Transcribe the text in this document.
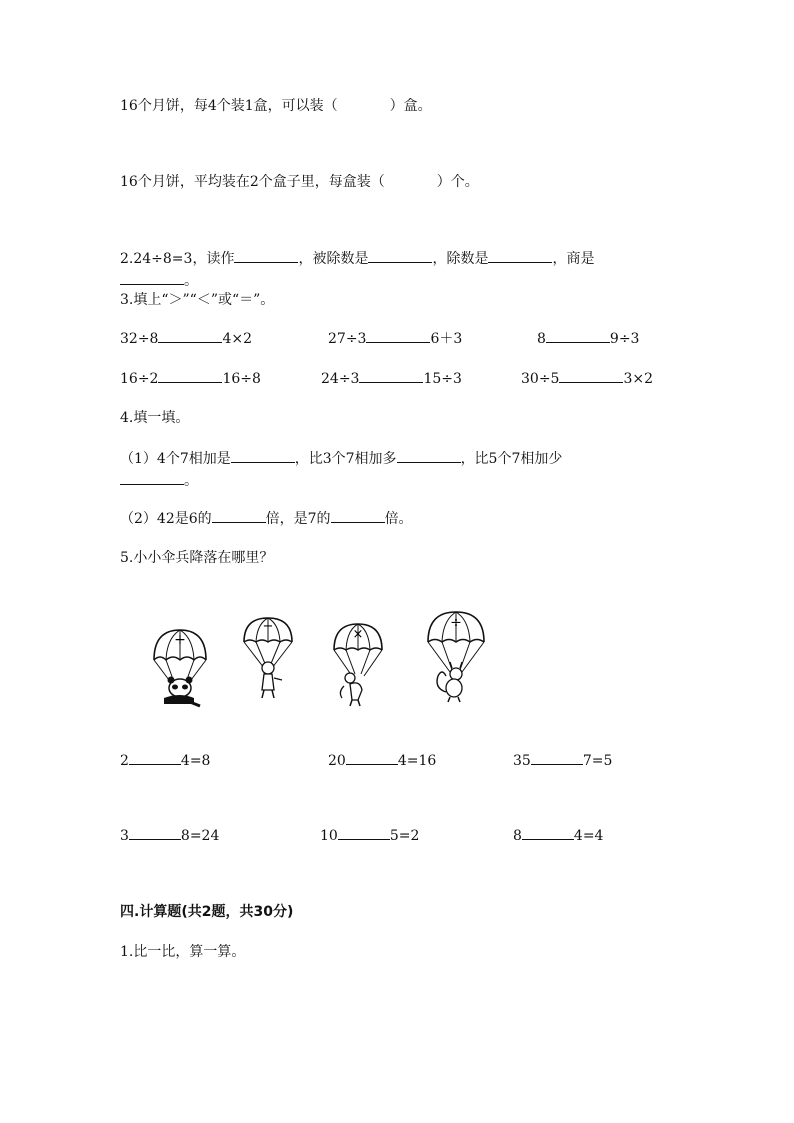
16个月饼，每4个装1盒，可以装（	）盒。
16个月饼，平均装在2个盒子里，每盒装（	）个。
2.24÷8=3，读作	，被除数是	，除数是	，商是
。
3.填上“＞”“＜”或“＝”。
32÷8	4×2	27÷3	6＋3	8	9÷3
16÷2	16÷8	24÷3	15÷3	30÷5	3×2
4.填一填。
（1）4个7相加是	，比3个7相加多	，比5个7相加少
。
（2）42是6的	倍，是7的	倍。
5.小小伞兵降落在哪里？
+
−
×
÷
2	4=8	20	4=16	35	7=5
3	8=24	10	5=2	8	4=4
四.计算题(共2题，共30分)
1.比一比，算一算。
